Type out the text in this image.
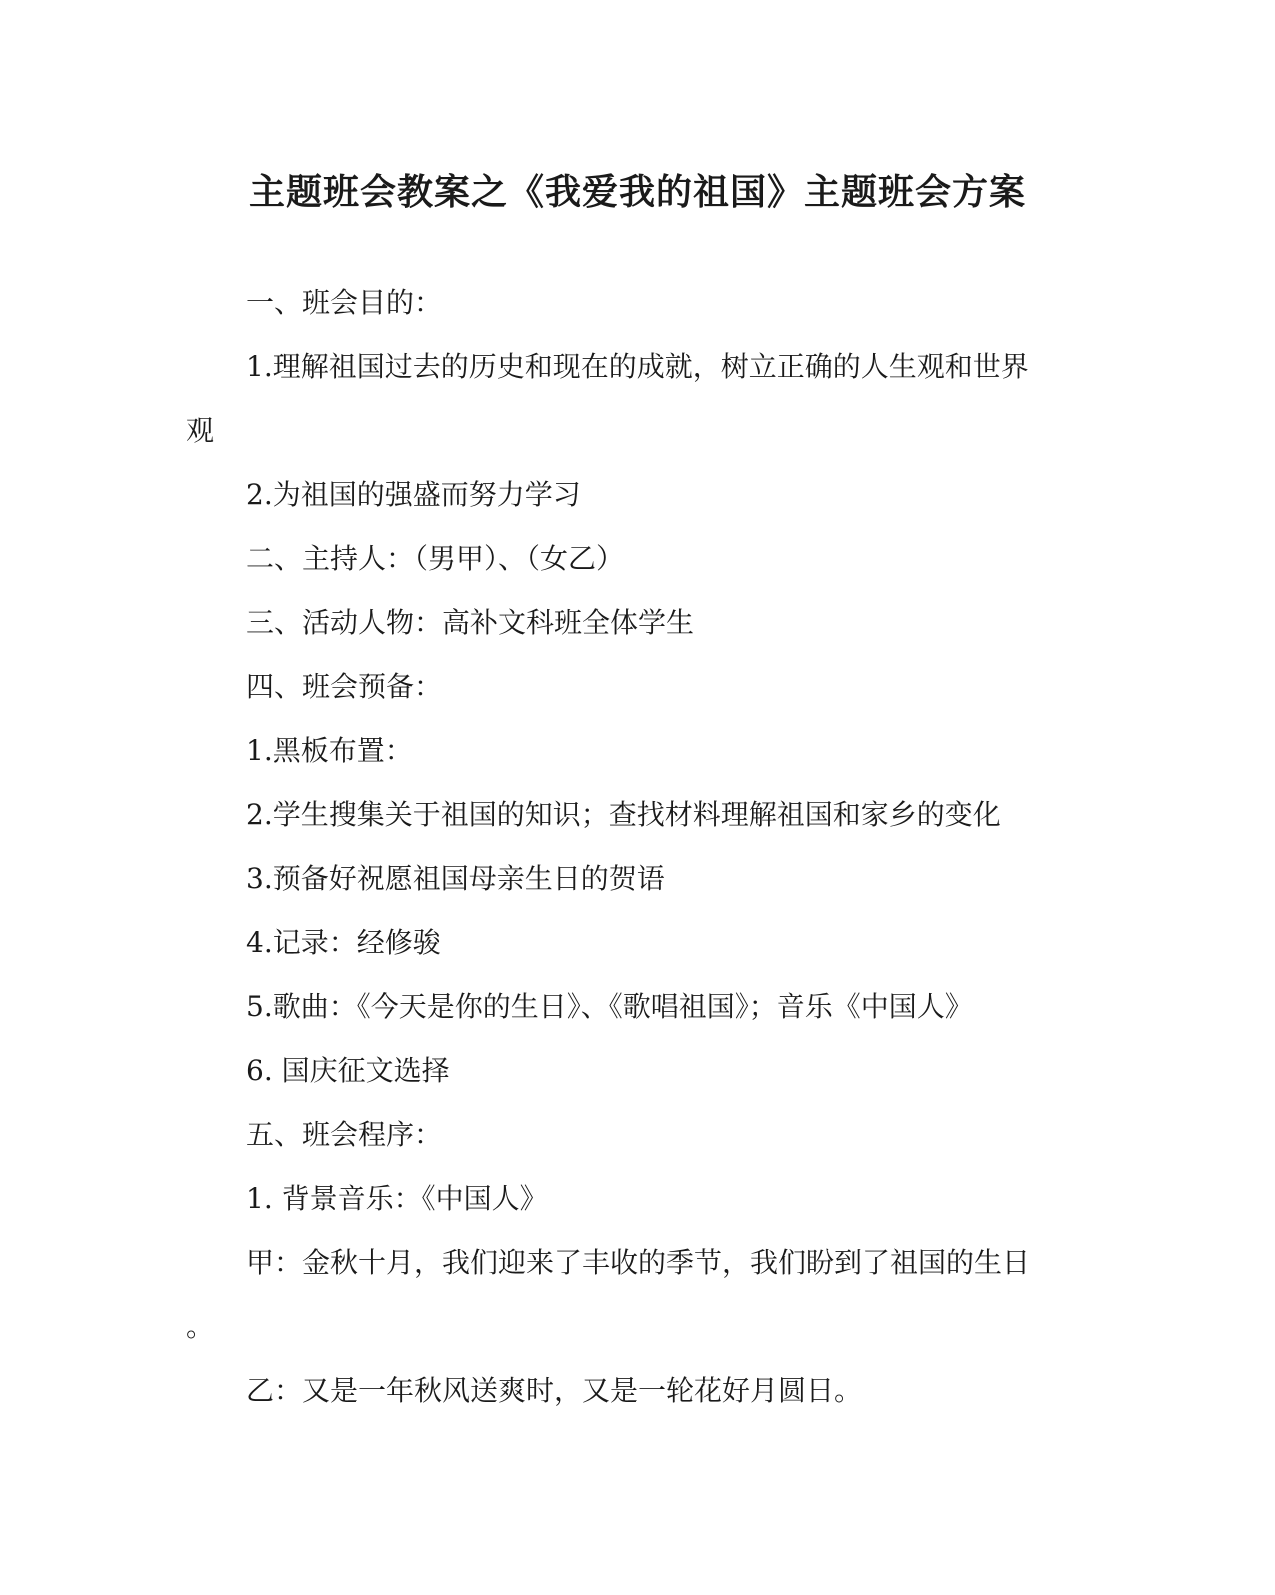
主题班会教案之《我爱我的祖国》主题班会方案
一、班会目的：
1.理解祖国过去的历史和现在的成就，树立正确的人生观和世界
观
2.为祖国的强盛而努力学习
二、主持人：（男甲）、（女乙）
三、活动人物：高补文科班全体学生
四、班会预备：
1.黑板布置：
2.学生搜集关于祖国的知识；查找材料理解祖国和家乡的变化
3.预备好祝愿祖国母亲生日的贺语
4.记录：经修骏
5.歌曲：《今天是你的生日》、《歌唱祖国》；音乐《中国人》
6. 国庆征文选择
五、班会程序：
1. 背景音乐：《中国人》
甲：金秋十月，我们迎来了丰收的季节，我们盼到了祖国的生日
。
乙：又是一年秋风送爽时，又是一轮花好月圆日。
